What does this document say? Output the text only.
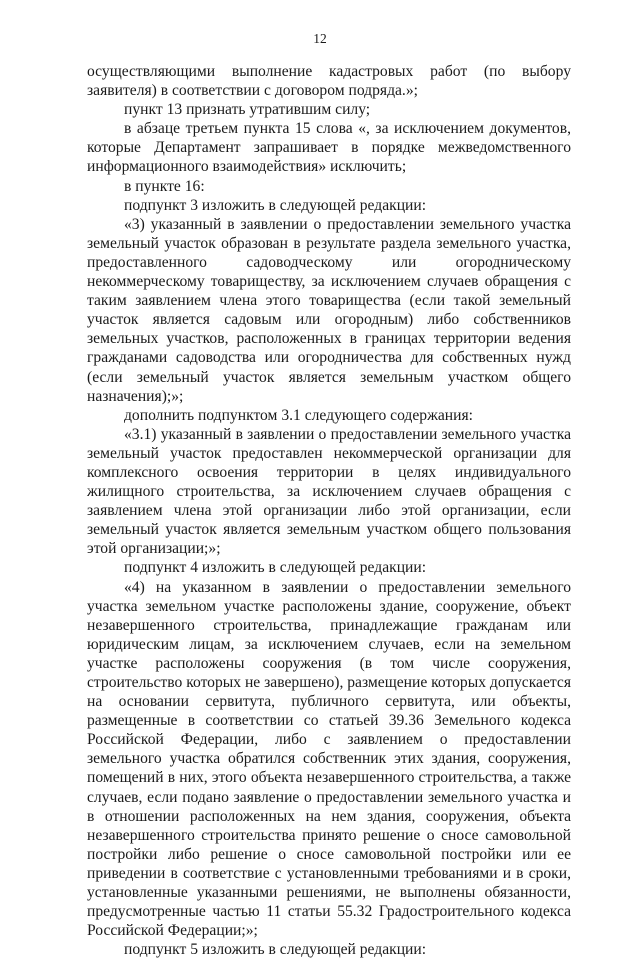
12

осуществляющими выполнение кадастровых работ (по выбору заявителя) в соответствии с договором подряда.»;

пункт 13 признать утратившим силу;

в абзаце третьем пункта 15 слова «, за исключением документов, которые Департамент запрашивает в порядке межведомственного информационного взаимодействия» исключить;

в пункте 16:

подпункт 3 изложить в следующей редакции:

«3) указанный в заявлении о предоставлении земельного участка земельный участок образован в результате раздела земельного участка, предоставленного садоводческому или огородническому некоммерческому товариществу, за исключением случаев обращения с таким заявлением члена этого товарищества (если такой земельный участок является садовым или огородным) либо собственников земельных участков, расположенных в границах территории ведения гражданами садоводства или огородничества для собственных нужд (если земельный участок является земельным участком общего назначения);»;

дополнить подпунктом 3.1 следующего содержания:

«3.1) указанный в заявлении о предоставлении земельного участка земельный участок предоставлен некоммерческой организации для комплексного освоения территории в целях индивидуального жилищного строительства, за исключением случаев обращения с заявлением члена этой организации либо этой организации, если земельный участок является земельным участком общего пользования этой организации;»;

подпункт 4 изложить в следующей редакции:

«4) на указанном в заявлении о предоставлении земельного участка земельном участке расположены здание, сооружение, объект незавершенного строительства, принадлежащие гражданам или юридическим лицам, за исключением случаев, если на земельном участке расположены сооружения (в том числе сооружения, строительство которых не завершено), размещение которых допускается на основании сервитута, публичного сервитута, или объекты, размещенные в соответствии со статьей 39.36 Земельного кодекса Российской Федерации, либо с заявлением о предоставлении земельного участка обратился собственник этих здания, сооружения, помещений в них, этого объекта незавершенного строительства, а также случаев, если подано заявление о предоставлении земельного участка и в отношении расположенных на нем здания, сооружения, объекта незавершенного строительства принято решение о сносе самовольной постройки либо решение о сносе самовольной постройки или ее приведении в соответствие с установленными требованиями и в сроки, установленные указанными решениями, не выполнены обязанности, предусмотренные частью 11 статьи 55.32 Градостроительного кодекса Российской Федерации;»;

подпункт 5 изложить в следующей редакции:
